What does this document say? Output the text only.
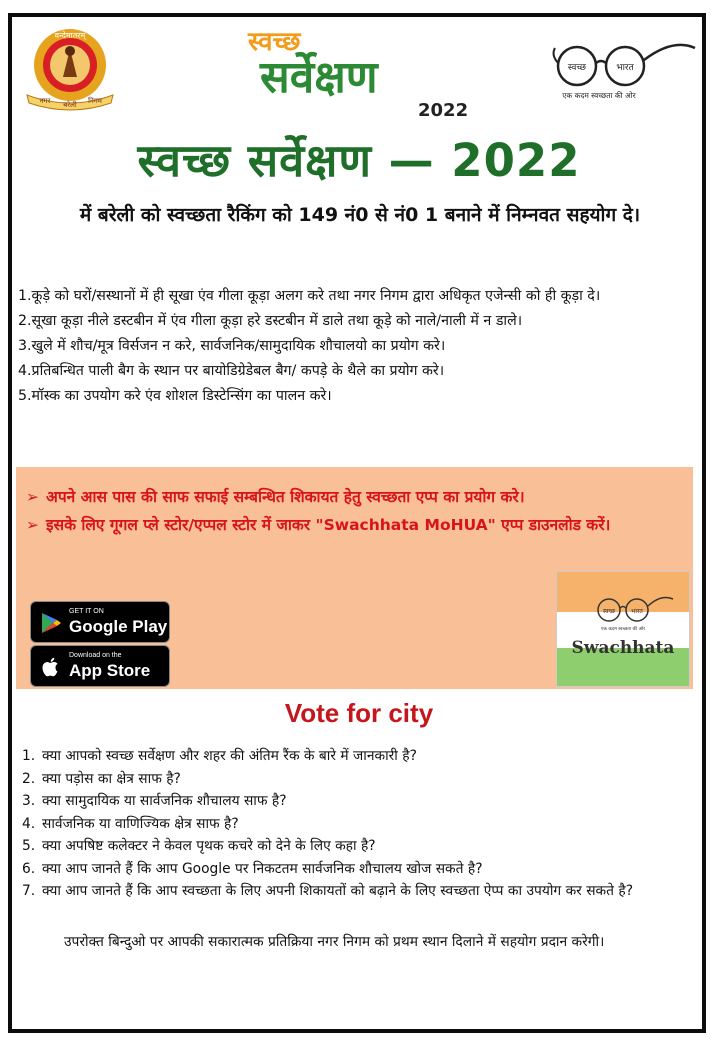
वन्देमातरम्
नगर बरेली निगम
स्वच्छ
सर्वेक्षण
2022
स्वच्छ	भारत
एक कदम स्वच्छता की ओर
स्वच्छ सर्वेक्षण — 2022
में बरेली को स्वच्छता रैकिंग को 149 नं0 से नं0 1 बनाने में निम्नवत सहयोग दे।
1.कूड़े को घरों/सस्थानों में ही सूखा एंव गीला कूड़ा अलग करे तथा नगर निगम द्वारा अधिकृत एजेन्सी को ही कूड़ा दे।
2.सूखा कूड़ा नीले डस्टबीन में एंव गीला कूड़ा हरे डस्टबीन में डाले तथा कूड़े को नाले/नाली में न डाले।
3.खुले में शौच/मूत्र विर्सजन न करे, सार्वजनिक/सामुदायिक शौचालयो का प्रयोग करे।
4.प्रतिबन्धित पाली बैग के स्थान पर बायोडिग्रेडेबल बैग/ कपड़े के थैले का प्रयोग करे।
5.मॉस्क का उपयोग करे एंव शोशल डिस्टेन्सिंग का पालन करे।
➢ अपने आस पास की साफ सफाई सम्बन्धित शिकायत हेतु स्वच्छता एप्प का प्रयोग करे।
➢ इसके लिए गूगल प्ले स्टोर/एप्पल स्टोर में जाकर "Swachhata MoHUA" एप्प डाउनलोड करें।
GET IT ON
Google Play
Download on the
App Store
स्वच्छ	भारत
एक कदम स्वच्छता की ओर
Swachhata
Vote for city
1. क्या आपको स्वच्छ सर्वेक्षण और शहर की अंतिम रैंक के बारे में जानकारी है?
2. क्या पड़ोस का क्षेत्र साफ है?
3. क्या सामुदायिक या सार्वजनिक शौचालय साफ है?
4. सार्वजनिक या वाणिज्यिक क्षेत्र साफ है?
5. क्या अपषिष्ट कलेक्टर ने केवल पृथक कचरे को देने के लिए कहा है?
6. क्या आप जानते हैं कि आप Google पर निकटतम सार्वजनिक शौचालय खोज सकते है?
7. क्या आप जानते हैं कि आप स्वच्छता के लिए अपनी शिकायतों को बढ़ाने के लिए स्वच्छता ऐप्प का उपयोग कर सकते है?
उपरोक्त बिन्दुओ पर आपकी सकारात्मक प्रतिक्रिया नगर निगम को प्रथम स्थान दिलाने में सहयोग प्रदान करेगी।
